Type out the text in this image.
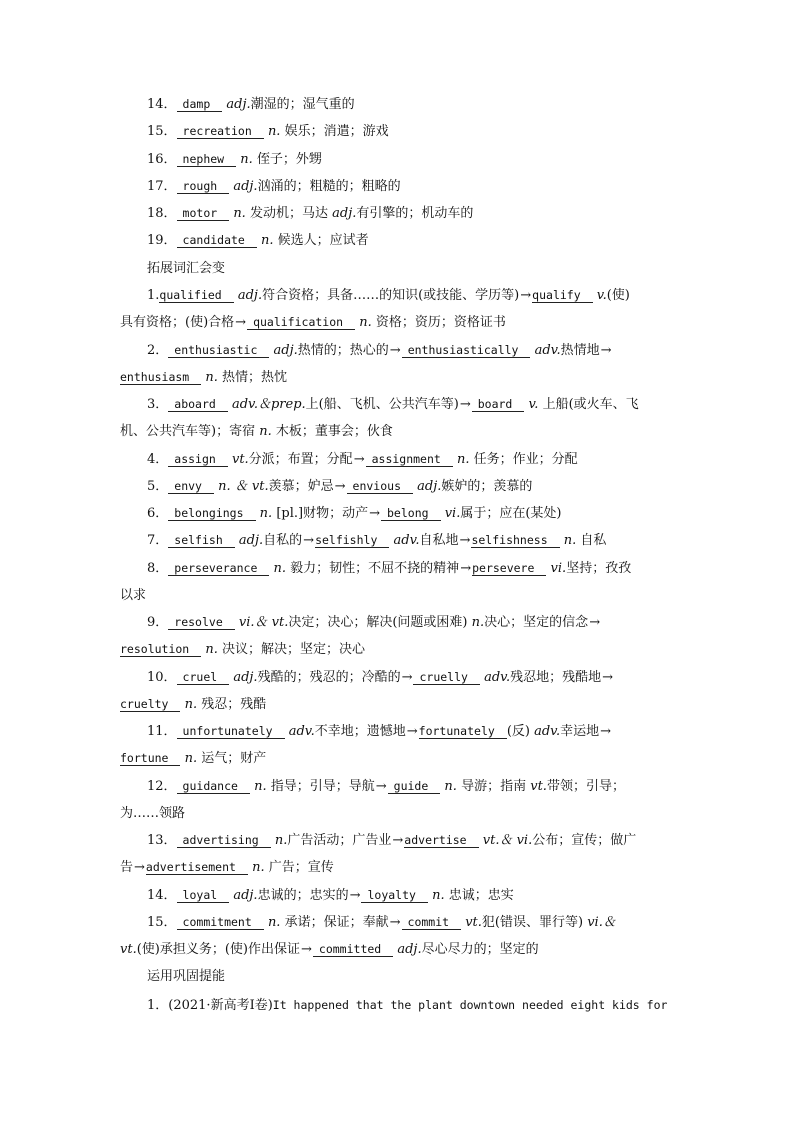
14． damp adj.潮湿的；湿气重的
15． recreation n. 娱乐；消遣；游戏
16． nephew n. 侄子；外甥
17． rough adj.汹涌的；粗糙的；粗略的
18． motor n. 发动机；马达 adj.有引擎的；机动车的
19． candidate n. 候选人；应试者
拓展词汇会变
1.qualified adj.符合资格；具备……的知识(或技能、学历等)→qualify v.(使)
具有资格；(使)合格→ qualification n. 资格；资历；资格证书
2． enthusiastic adj.热情的；热心的→ enthusiastically adv.热情地→
enthusiasm n. 热情；热忱
3． aboard adv.＆prep.上(船、飞机、公共汽车等)→ board v. 上船(或火车、飞
机、公共汽车等)；寄宿 n. 木板；董事会；伙食
4． assign vt.分派；布置；分配→ assignment n. 任务；作业；分配
5． envy n. ＆ vt.羡慕；妒忌→ envious adj.嫉妒的；羡慕的
6． belongings n. [pl.]财物；动产→ belong vi.属于；应在(某处)
7． selfish adj.自私的→selfishly adv.自私地→selfishness n. 自私
8． perseverance n. 毅力；韧性；不屈不挠的精神→persevere vi.坚持；孜孜
以求
9． resolve vi.＆ vt.决定；决心；解决(问题或困难) n.决心；坚定的信念→
resolution n. 决议；解决；坚定；决心
10． cruel adj.残酷的；残忍的；冷酷的→ cruelly adv.残忍地；残酷地→
cruelty n. 残忍；残酷
11． unfortunately adv.不幸地；遗憾地→fortunately (反) adv.幸运地→
fortune n. 运气；财产
12． guidance n. 指导；引导；导航→ guide n. 导游；指南 vt.带领；引导；
为……领路
13． advertising n.广告活动；广告业→advertise vt.＆ vi.公布；宣传；做广
告→advertisement n. 广告；宣传
14． loyal adj.忠诚的；忠实的→ loyalty n. 忠诚；忠实
15． commitment n. 承诺；保证；奉献→ commit vt.犯(错误、罪行等) vi.＆
vt.(使)承担义务；(使)作出保证→ committed adj.尽心尽力的；坚定的
运用巩固提能
1．(2021·新高考Ⅰ卷)It happened that the plant downtown needed eight kids for
